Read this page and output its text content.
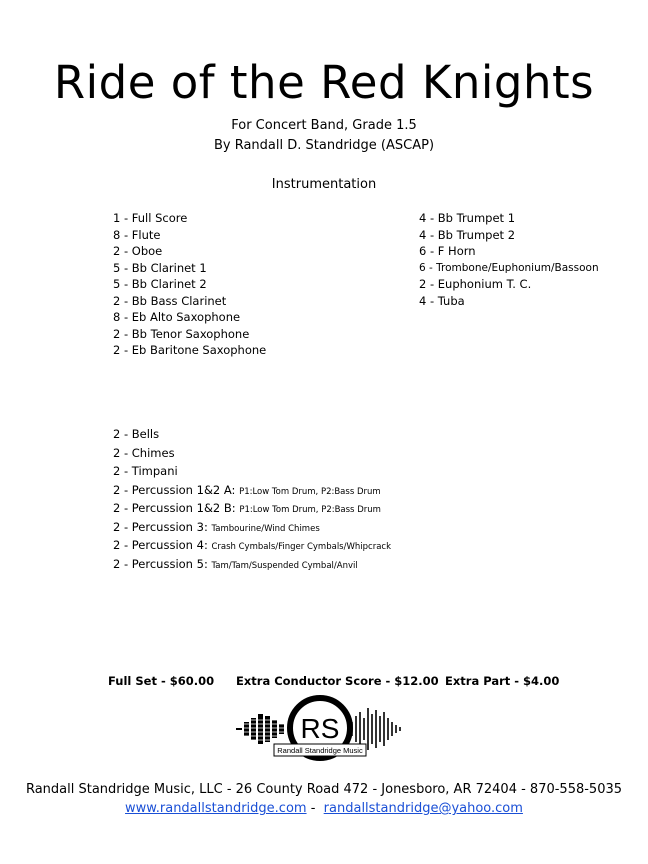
Ride of the Red Knights
For Concert Band, Grade 1.5
By Randall D. Standridge (ASCAP)
Instrumentation
1 - Full Score
8 - Flute
2 - Oboe
5 - Bb Clarinet 1
5 - Bb Clarinet 2
2 - Bb Bass Clarinet
8 - Eb Alto Saxophone
2 - Bb Tenor Saxophone
2 - Eb Baritone Saxophone
4 - Bb Trumpet 1
4 - Bb Trumpet 2
6 - F Horn
6 - Trombone/Euphonium/Bassoon
2 - Euphonium T. C.
4 - Tuba
2 - Bells
2 - Chimes
2 - Timpani
2 - Percussion 1&2 A: P1:Low Tom Drum, P2:Bass Drum
2 - Percussion 1&2 B: P1:Low Tom Drum, P2:Bass Drum
2 - Percussion 3: Tambourine/Wind Chimes
2 - Percussion 4: Crash Cymbals/Finger Cymbals/Whipcrack
2 - Percussion 5: Tam/Tam/Suspended Cymbal/Anvil
Full Set - $60.00 Extra Conductor Score - $12.00 Extra Part - $4.00
RS
Randall Standridge Music
Randall Standridge Music, LLC - 26 County Road 472 - Jonesboro, AR 72404 - 870-558-5035
www.randallstandridge.com -  randallstandridge@yahoo.com
